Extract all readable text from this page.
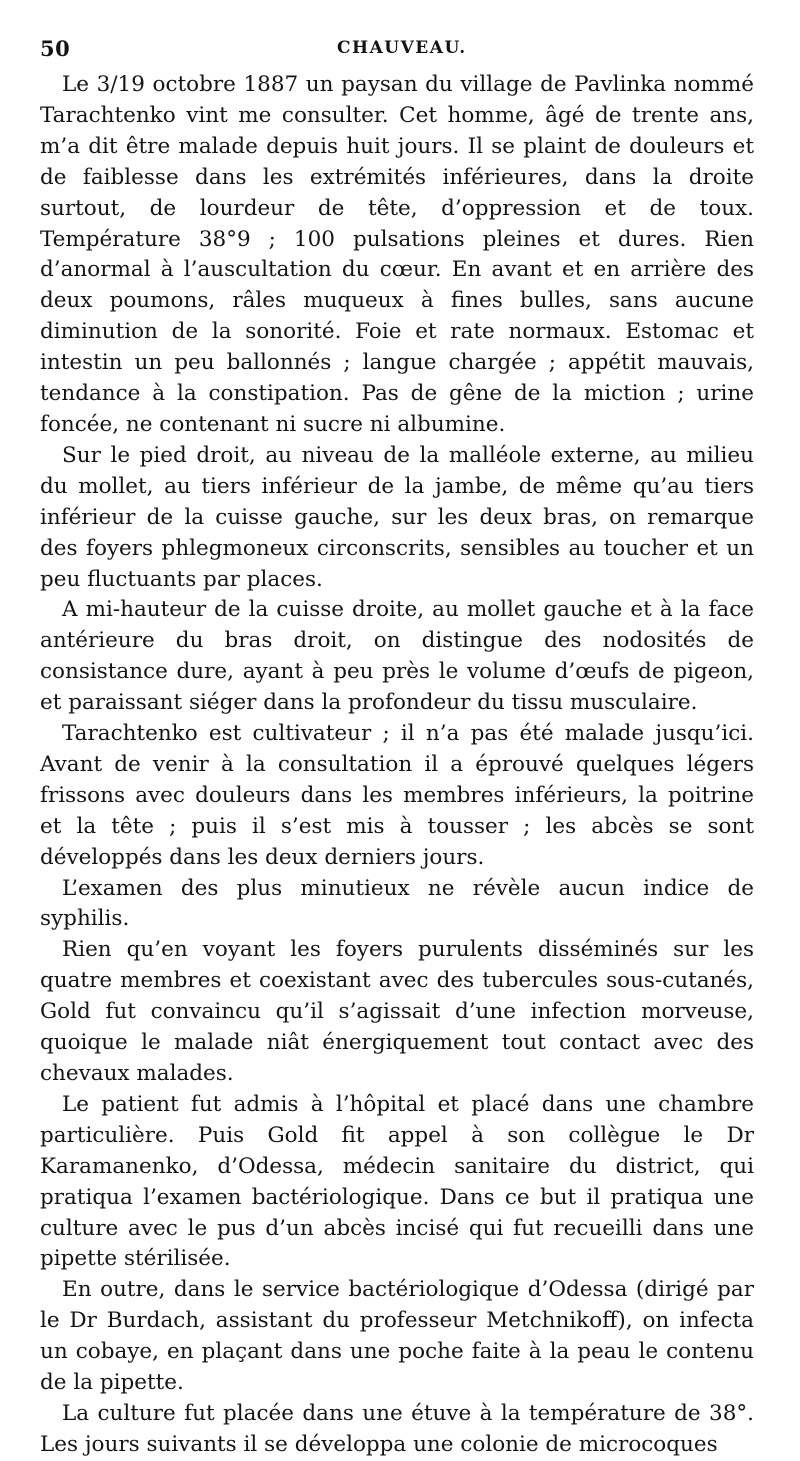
50	CHAUVEAU.

Le 3/19 octobre 1887 un paysan du village de Pavlinka nommé Tarachtenko vint me consulter. Cet homme, âgé de trente ans, m’a dit être malade depuis huit jours. Il se plaint de douleurs et de faiblesse dans les extrémités inférieures, dans la droite surtout, de lourdeur de tête, d’oppression et de toux. Température 38°9 ; 100 pulsations pleines et dures. Rien d’anormal à l’auscultation du cœur. En avant et en arrière des deux poumons, râles muqueux à fines bulles, sans aucune diminution de la sonorité. Foie et rate normaux. Estomac et intestin un peu ballonnés ; langue chargée ; appétit mauvais, tendance à la constipation. Pas de gêne de la miction ; urine foncée, ne contenant ni sucre ni albumine.

Sur le pied droit, au niveau de la malléole externe, au milieu du mollet, au tiers inférieur de la jambe, de même qu’au tiers inférieur de la cuisse gauche, sur les deux bras, on remarque des foyers phlegmoneux circonscrits, sensibles au toucher et un peu fluctuants par places.

A mi-hauteur de la cuisse droite, au mollet gauche et à la face antérieure du bras droit, on distingue des nodosités de consistance dure, ayant à peu près le volume d’œufs de pigeon, et paraissant siéger dans la profondeur du tissu musculaire.

Tarachtenko est cultivateur ; il n’a pas été malade jusqu’ici. Avant de venir à la consultation il a éprouvé quelques légers frissons avec douleurs dans les membres inférieurs, la poitrine et la tête ; puis il s’est mis à tousser ; les abcès se sont développés dans les deux derniers jours.

L’examen des plus minutieux ne révèle aucun indice de syphilis.

Rien qu’en voyant les foyers purulents disséminés sur les quatre membres et coexistant avec des tubercules sous-cutanés, Gold fut convaincu qu’il s’agissait d’une infection morveuse, quoique le malade niât énergiquement tout contact avec des chevaux malades.

Le patient fut admis à l’hôpital et placé dans une chambre particulière. Puis Gold fit appel à son collègue le Dr Karamanenko, d’Odessa, médecin sanitaire du district, qui pratiqua l’examen bactériologique. Dans ce but il pratiqua une culture avec le pus d’un abcès incisé qui fut recueilli dans une pipette stérilisée.

En outre, dans le service bactériologique d’Odessa (dirigé par le Dr Burdach, assistant du professeur Metchnikoff), on infecta un cobaye, en plaçant dans une poche faite à la peau le contenu de la pipette.

La culture fut placée dans une étuve à la température de 38°. Les jours suivants il se développa une colonie de microcoques
